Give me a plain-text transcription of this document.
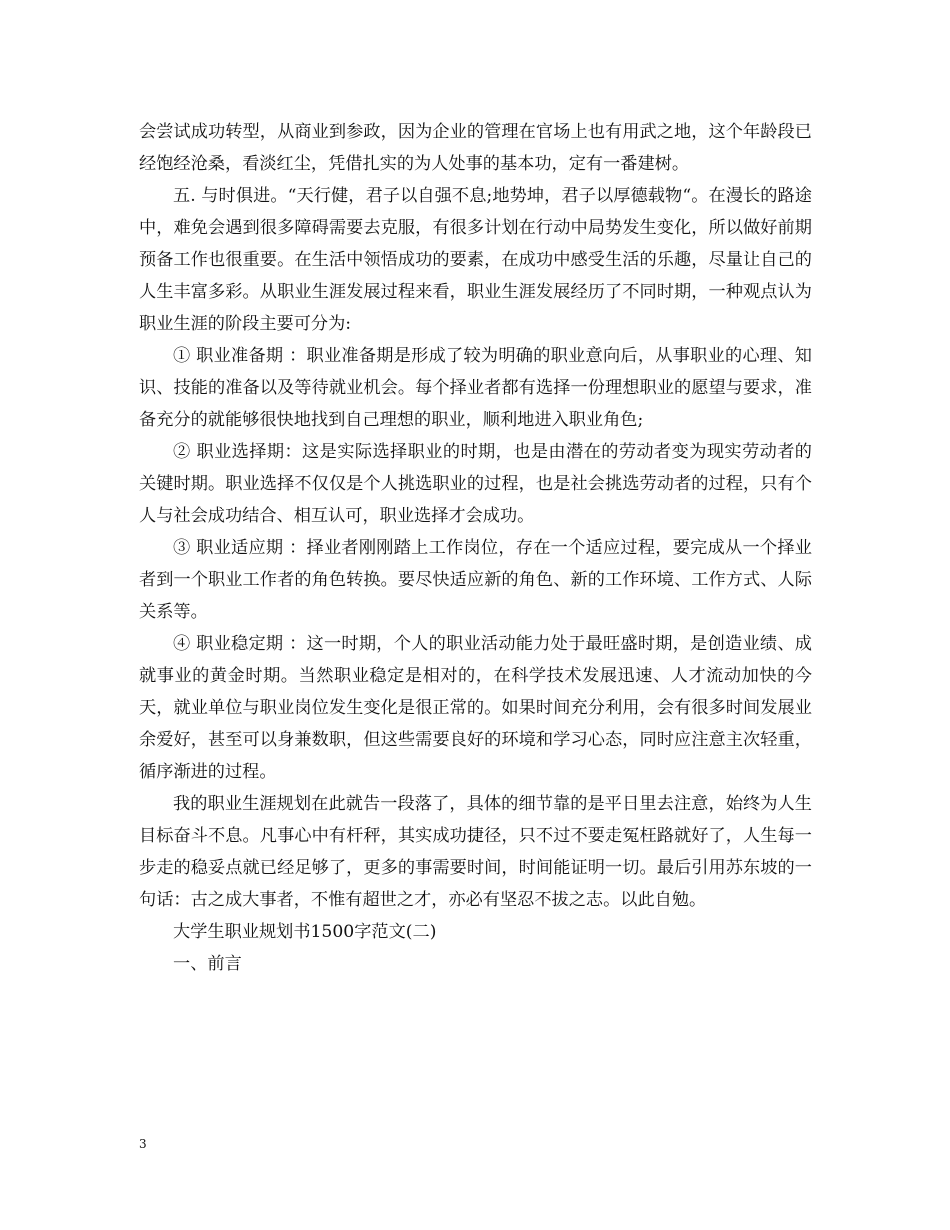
会尝试成功转型，从商业到参政，因为企业的管理在官场上也有用武之地，这个年龄段已经饱经沧桑，看淡红尘，凭借扎实的为人处事的基本功，定有一番建树。

五. 与时俱进。“天行健，君子以自强不息;地势坤，君子以厚德载物“。在漫长的路途中，难免会遇到很多障碍需要去克服，有很多计划在行动中局势发生变化，所以做好前期预备工作也很重要。在生活中领悟成功的要素，在成功中感受生活的乐趣，尽量让自己的人生丰富多彩。从职业生涯发展过程来看，职业生涯发展经历了不同时期，一种观点认为职业生涯的阶段主要可分为:

① 职业准备期 ：职业准备期是形成了较为明确的职业意向后，从事职业的心理、知识、技能的准备以及等待就业机会。每个择业者都有选择一份理想职业的愿望与要求，准备充分的就能够很快地找到自己理想的职业，顺利地进入职业角色;

② 职业选择期：这是实际选择职业的时期，也是由潜在的劳动者变为现实劳动者的关键时期。职业选择不仅仅是个人挑选职业的过程，也是社会挑选劳动者的过程，只有个人与社会成功结合、相互认可，职业选择才会成功。

③ 职业适应期 ：择业者刚刚踏上工作岗位，存在一个适应过程，要完成从一个择业者到一个职业工作者的角色转换。要尽快适应新的角色、新的工作环境、工作方式、人际关系等。

④ 职业稳定期 ：这一时期，个人的职业活动能力处于最旺盛时期，是创造业绩、成就事业的黄金时期。当然职业稳定是相对的，在科学技术发展迅速、人才流动加快的今天，就业单位与职业岗位发生变化是很正常的。如果时间充分利用，会有很多时间发展业余爱好，甚至可以身兼数职，但这些需要良好的环境和学习心态，同时应注意主次轻重，循序渐进的过程。

我的职业生涯规划在此就告一段落了，具体的细节靠的是平日里去注意，始终为人生目标奋斗不息。凡事心中有杆秤，其实成功捷径，只不过不要走冤枉路就好了，人生每一步走的稳妥点就已经足够了，更多的事需要时间，时间能证明一切。最后引用苏东坡的一句话：古之成大事者，不惟有超世之才，亦必有坚忍不拔之志。以此自勉。

大学生职业规划书1500字范文(二)

一、前言

3
